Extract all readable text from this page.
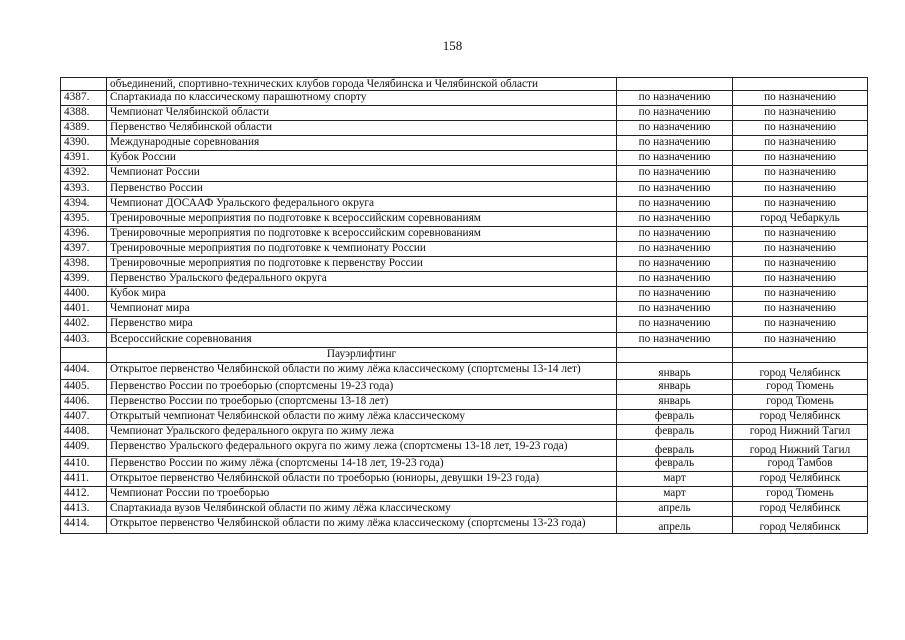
158
	объединений, спортивно-технических клубов города Челябинска и Челябинской области		
4387.	Спартакиада по классическому парашютному спорту	по назначению	по назначению
4388.	Чемпионат Челябинской области	по назначению	по назначению
4389.	Первенство Челябинской области	по назначению	по назначению
4390.	Международные соревнования	по назначению	по назначению
4391.	Кубок России	по назначению	по назначению
4392.	Чемпионат России	по назначению	по назначению
4393.	Первенство России	по назначению	по назначению
4394.	Чемпионат ДОСААФ Уральского федерального округа	по назначению	по назначению
4395.	Тренировочные мероприятия по подготовке к всероссийским соревнованиям	по назначению	город Чебаркуль
4396.	Тренировочные мероприятия по подготовке к всероссийским соревнованиям	по назначению	по назначению
4397.	Тренировочные мероприятия по подготовке к чемпионату России	по назначению	по назначению
4398.	Тренировочные мероприятия по подготовке к первенству России	по назначению	по назначению
4399.	Первенство Уральского федерального округа	по назначению	по назначению
4400.	Кубок мира	по назначению	по назначению
4401.	Чемпионат мира	по назначению	по назначению
4402.	Первенство мира	по назначению	по назначению
4403.	Всероссийские соревнования	по назначению	по назначению
	Пауэрлифтинг		
4404.	Открытое первенство Челябинской области по жиму лёжа классическому (спортсмены 13-14 лет)	январь	город Челябинск
4405.	Первенство России по троеборью (спортсмены 19-23 года)	январь	город Тюмень
4406.	Первенство России по троеборью (спортсмены 13-18 лет)	январь	город Тюмень
4407.	Открытый чемпионат Челябинской области по жиму лёжа классическому	февраль	город Челябинск
4408.	Чемпионат Уральского федерального округа по жиму лежа	февраль	город Нижний Тагил
4409.	Первенство Уральского федерального округа по жиму лежа (спортсмены 13-18 лет, 19-23 года)	февраль	город Нижний Тагил
4410.	Первенство России по жиму лёжа (спортсмены 14-18 лет, 19-23 года)	февраль	город Тамбов
4411.	Открытое первенство Челябинской области по троеборью (юниоры, девушки 19-23 года)	март	город Челябинск
4412.	Чемпионат России по троеборью	март	город Тюмень
4413.	Спартакиада вузов Челябинской области по жиму лёжа классическому	апрель	город Челябинск
4414.	Открытое первенство Челябинской области по жиму лёжа классическому (спортсмены 13-23 года)	апрель	город Челябинск
